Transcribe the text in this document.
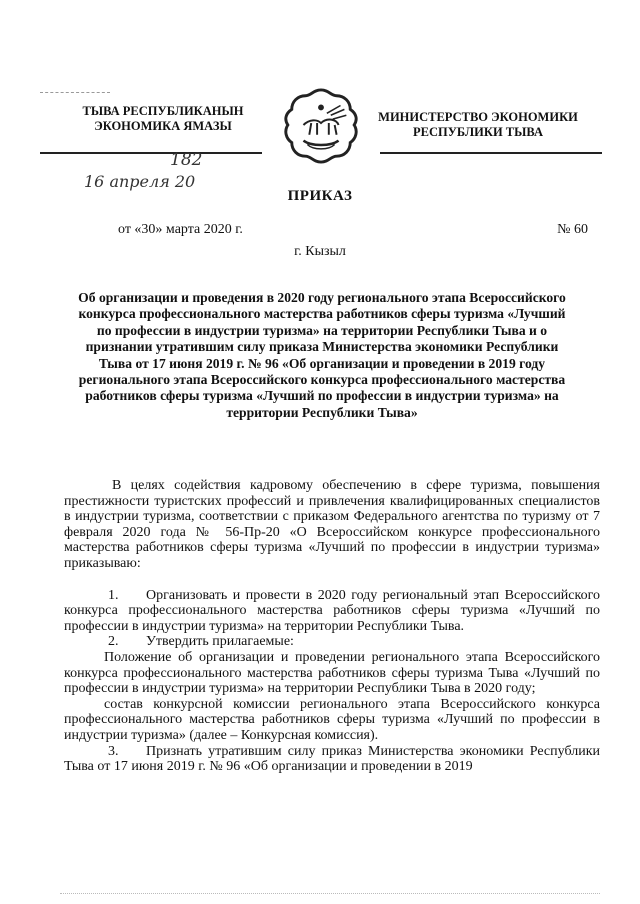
ТЫВА РЕСПУБЛИКАНЫН
ЭКОНОМИКА ЯМАЗЫ
МИНИСТЕРСТВО ЭКОНОМИКИ
РЕСПУБЛИКИ ТЫВА
182
16 апреля 20
ПРИКАЗ
от «30» марта 2020 г.	№ 60
г. Кызыл
Об организации и проведения в 2020 году регионального этапа Всероссийского конкурса профессионального мастерства работников сферы туризма «Лучший по профессии в индустрии туризма» на территории Республики Тыва и о признании утратившим силу приказа Министерства экономики Республики Тыва от 17 июня 2019 г. № 96 «Об организации и проведении в 2019 году регионального этапа Всероссийского конкурса профессионального мастерства работников сферы туризма «Лучший по профессии в индустрии туризма» на территории Республики Тыва»

В целях содействия кадровому обеспечению в сфере туризма, повышения престижности туристских профессий и привлечения квалифицированных специалистов в индустрии туризма, соответствии с приказом Федерального агентства по туризму от 7 февраля 2020 года № 56-Пр-20 «О Всероссийском конкурсе профессионального мастерства работников сферы туризма «Лучший по профессии в индустрии туризма» приказываю:

1. Организовать и провести в 2020 году региональный этап Всероссийского конкурса профессионального мастерства работников сферы туризма «Лучший по профессии в индустрии туризма» на территории Республики Тыва.

2. Утвердить прилагаемые:

Положение об организации и проведении регионального этапа Всероссийского конкурса профессионального мастерства работников сферы туризма Тыва «Лучший по профессии в индустрии туризма» на территории Республики Тыва в 2020 году;

состав конкурсной комиссии регионального этапа Всероссийского конкурса профессионального мастерства работников сферы туризма «Лучший по профессии в индустрии туризма» (далее – Конкурсная комиссия).

3. Признать утратившим силу приказ Министерства экономики Республики Тыва от 17 июня 2019 г. № 96 «Об организации и проведении в 2019
